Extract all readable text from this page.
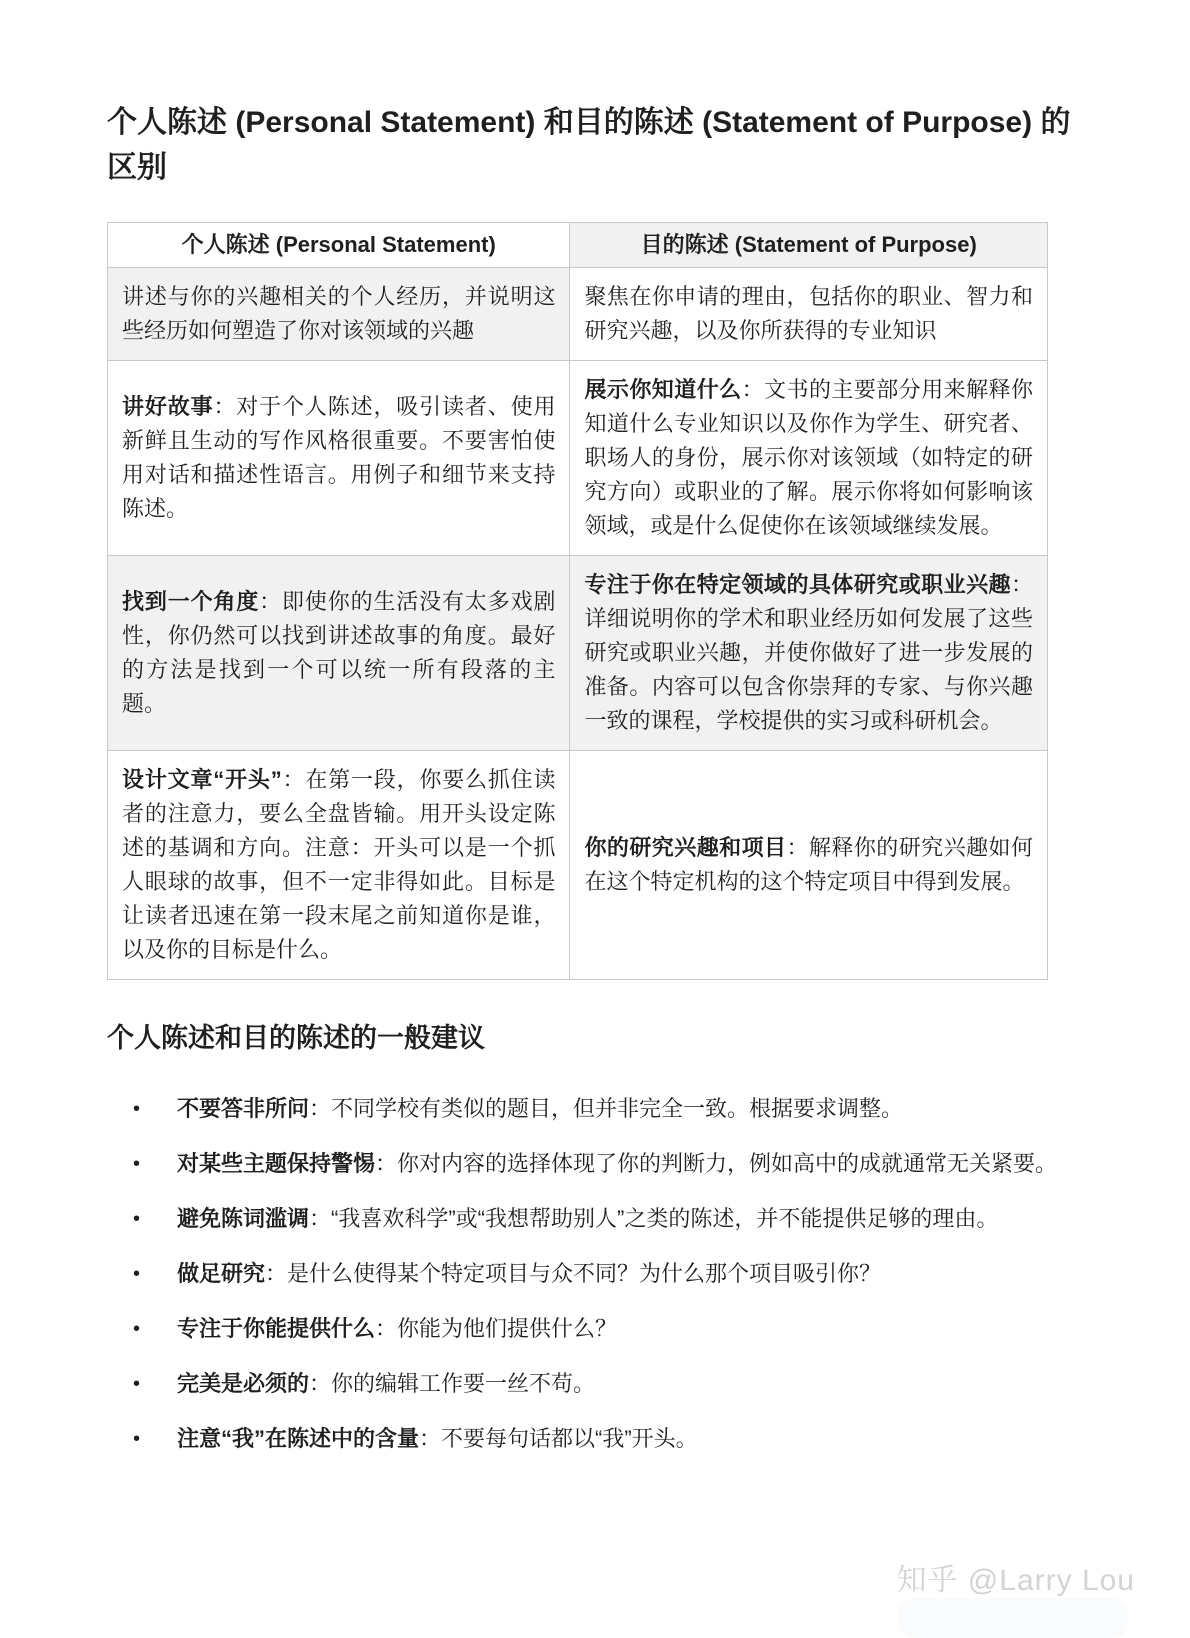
个人陈述 (Personal Statement) 和目的陈述 (Statement of Purpose) 的区别
个人陈述 (Personal Statement)	目的陈述 (Statement of Purpose)
讲述与你的兴趣相关的个人经历，并说明这些经历如何塑造了你对该领域的兴趣	聚焦在你申请的理由，包括你的职业、智力和研究兴趣，以及你所获得的专业知识
讲好故事：对于个人陈述，吸引读者、使用新鲜且生动的写作风格很重要。不要害怕使用对话和描述性语言。用例子和细节来支持陈述。	展示你知道什么：文书的主要部分用来解释你知道什么专业知识以及你作为学生、研究者、职场人的身份，展示你对该领域（如特定的研究方向）或职业的了解。展示你将如何影响该领域，或是什么促使你在该领域继续发展。
找到一个角度：即使你的生活没有太多戏剧性，你仍然可以找到讲述故事的角度。最好的方法是找到一个可以统一所有段落的主题。	专注于你在特定领域的具体研究或职业兴趣：详细说明你的学术和职业经历如何发展了这些研究或职业兴趣，并使你做好了进一步发展的准备。内容可以包含你崇拜的专家、与你兴趣一致的课程，学校提供的实习或科研机会。
设计文章“开头”：在第一段，你要么抓住读者的注意力，要么全盘皆输。用开头设定陈述的基调和方向。注意：开头可以是一个抓人眼球的故事，但不一定非得如此。目标是让读者迅速在第一段末尾之前知道你是谁，以及你的目标是什么。	你的研究兴趣和项目：解释你的研究兴趣如何在这个特定机构的这个特定项目中得到发展。
个人陈述和目的陈述的一般建议
•	不要答非所问：不同学校有类似的题目，但并非完全一致。根据要求调整。
•	对某些主题保持警惕：你对内容的选择体现了你的判断力，例如高中的成就通常无关紧要。
•	避免陈词滥调：“我喜欢科学”或“我想帮助别人”之类的陈述，并不能提供足够的理由。
•	做足研究：是什么使得某个特定项目与众不同？为什么那个项目吸引你？
•	专注于你能提供什么：你能为他们提供什么？
•	完美是必须的：你的编辑工作要一丝不苟。
•	注意“我”在陈述中的含量：不要每句话都以“我”开头。
知乎 @Larry Lou
